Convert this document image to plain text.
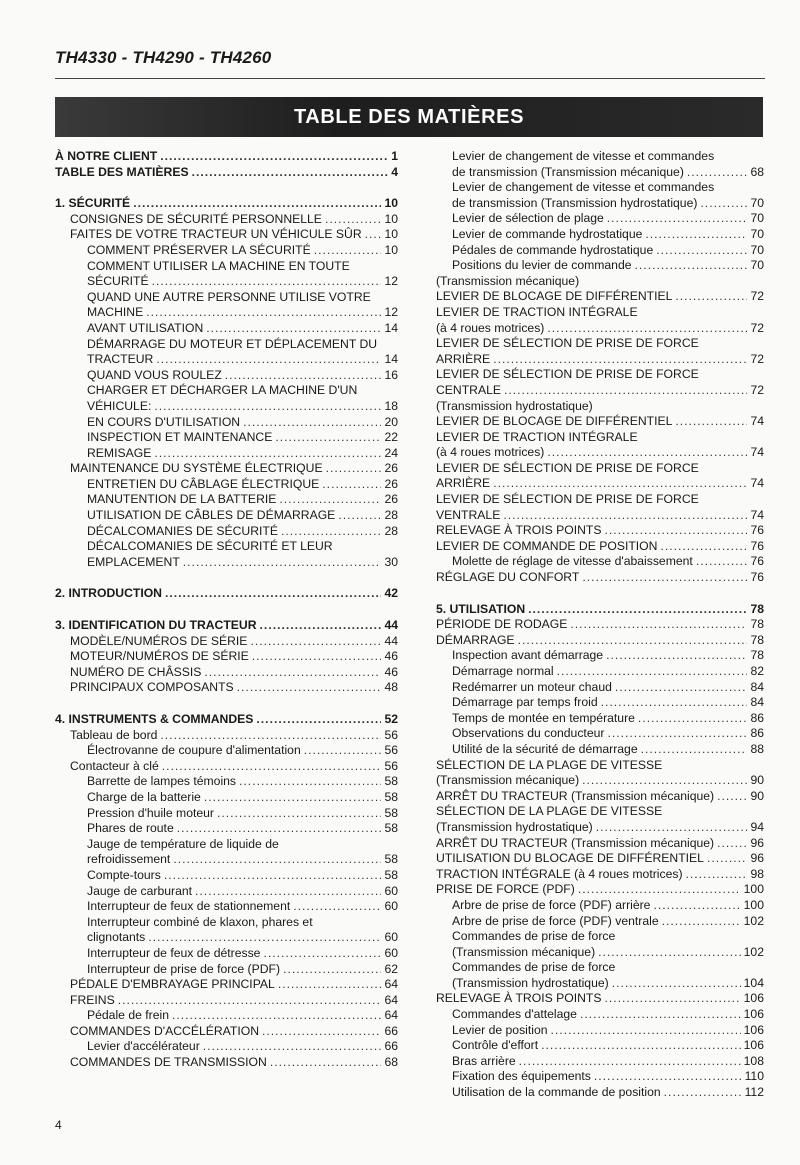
TH4330 - TH4290 - TH4260
TABLE DES MATIÈRES
À NOTRE CLIENT .....	1
TABLE DES MATIÈRES .....	4
1. SÉCURITÉ .....	10
CONSIGNES DE SÉCURITÉ PERSONNELLE .....	10
FAITES DE VOTRE TRACTEUR UN VÉHICULE SÛR ..... 10
COMMENT PRÉSERVER LA SÉCURITÉ .....	10
COMMENT UTILISER LA MACHINE EN TOUTE
SÉCURITÉ .....	12
QUAND UNE AUTRE PERSONNE UTILISE VOTRE
MACHINE .....	12
AVANT UTILISATION .....	14
DÉMARRAGE DU MOTEUR ET DÉPLACEMENT DU
TRACTEUR .....	14
QUAND VOUS ROULEZ .....	16
CHARGER ET DÉCHARGER LA MACHINE D'UN
VÉHICULE: .....	18
EN COURS D'UTILISATION .....	20
INSPECTION ET MAINTENANCE .....	22
REMISAGE .....	24
MAINTENANCE DU SYSTÈME ÉLECTRIQUE .....	26
ENTRETIEN DU CÂBLAGE ÉLECTRIQUE .....	26
MANUTENTION DE LA BATTERIE .....	26
UTILISATION DE CÂBLES DE DÉMARRAGE .....	28
DÉCALCOMANIES DE SÉCURITÉ .....	28
DÉCALCOMANIES DE SÉCURITÉ ET LEUR
EMPLACEMENT .....	30
2. INTRODUCTION .....	42
3. IDENTIFICATION DU TRACTEUR .....	44
MODÈLE/NUMÉROS DE SÉRIE .....	44
MOTEUR/NUMÉROS DE SÉRIE .....	46
NUMÉRO DE CHÂSSIS .....	46
PRINCIPAUX COMPOSANTS .....	48
4. INSTRUMENTS & COMMANDES .....	52
Tableau de bord .....	56
Électrovanne de coupure d'alimentation .....	56
Contacteur à clé .....	56
Barrette de lampes témoins .....	58
Charge de la batterie .....	58
Pression d'huile moteur .....	58
Phares de route .....	58
Jauge de température de liquide de
refroidissement .....	58
Compte-tours .....	58
Jauge de carburant .....	60
Interrupteur de feux de stationnement .....	60
Interrupteur combiné de klaxon, phares et
clignotants .....	60
Interrupteur de feux de détresse .....	60
Interrupteur de prise de force (PDF) .....	62
PÉDALE D'EMBRAYAGE PRINCIPAL .....	64
FREINS .....	64
Pédale de frein .....	64
COMMANDES D'ACCÉLÉRATION .....	66
Levier d'accélérateur .....	66
COMMANDES DE TRANSMISSION .....	68
Levier de changement de vitesse et commandes
de transmission (Transmission mécanique) .....	68
Levier de changement de vitesse et commandes
de transmission (Transmission hydrostatique) .....	70
Levier de sélection de plage .....	70
Levier de commande hydrostatique .....	70
Pédales de commande hydrostatique .....	70
Positions du levier de commande .....	70
(Transmission mécanique)
LEVIER DE BLOCAGE DE DIFFÉRENTIEL .....	72
LEVIER DE TRACTION INTÉGRALE
(à 4 roues motrices) .....	72
LEVIER DE SÉLECTION DE PRISE DE FORCE
ARRIÈRE .....	72
LEVIER DE SÉLECTION DE PRISE DE FORCE
CENTRALE .....	72
(Transmission hydrostatique)
LEVIER DE BLOCAGE DE DIFFÉRENTIEL .....	74
LEVIER DE TRACTION INTÉGRALE
(à 4 roues motrices) .....	74
LEVIER DE SÉLECTION DE PRISE DE FORCE
ARRIÈRE .....	74
LEVIER DE SÉLECTION DE PRISE DE FORCE
VENTRALE .....	74
RELEVAGE À TROIS POINTS .....	76
LEVIER DE COMMANDE DE POSITION .....	76
Molette de réglage de vitesse d'abaissement .....	76
RÉGLAGE DU CONFORT .....	76
5. UTILISATION .....	78
PÉRIODE DE RODAGE .....	78
DÉMARRAGE .....	78
Inspection avant démarrage .....	78
Démarrage normal .....	82
Redémarrer un moteur chaud .....	84
Démarrage par temps froid .....	84
Temps de montée en température .....	86
Observations du conducteur .....	86
Utilité de la sécurité de démarrage .....	88
SÉLECTION DE LA PLAGE DE VITESSE
(Transmission mécanique) .....	90
ARRÊT DU TRACTEUR (Transmission mécanique) .....	90
SÉLECTION DE LA PLAGE DE VITESSE
(Transmission hydrostatique) .....	94
ARRÊT DU TRACTEUR (Transmission mécanique) .....	96
UTILISATION DU BLOCAGE DE DIFFÉRENTIEL .....	96
TRACTION INTÉGRALE (à 4 roues motrices) .....	98
PRISE DE FORCE (PDF) .....	100
Arbre de prise de force (PDF) arrière .....	100
Arbre de prise de force (PDF) ventrale .....	102
Commandes de prise de force
(Transmission mécanique) .....	102
Commandes de prise de force
(Transmission hydrostatique) .....	104
RELEVAGE À TROIS POINTS .....	106
Commandes d'attelage .....	106
Levier de position .....	106
Contrôle d'effort .....	106
Bras arrière .....	108
Fixation des équipements .....	110
Utilisation de la commande de position .....	112
4
